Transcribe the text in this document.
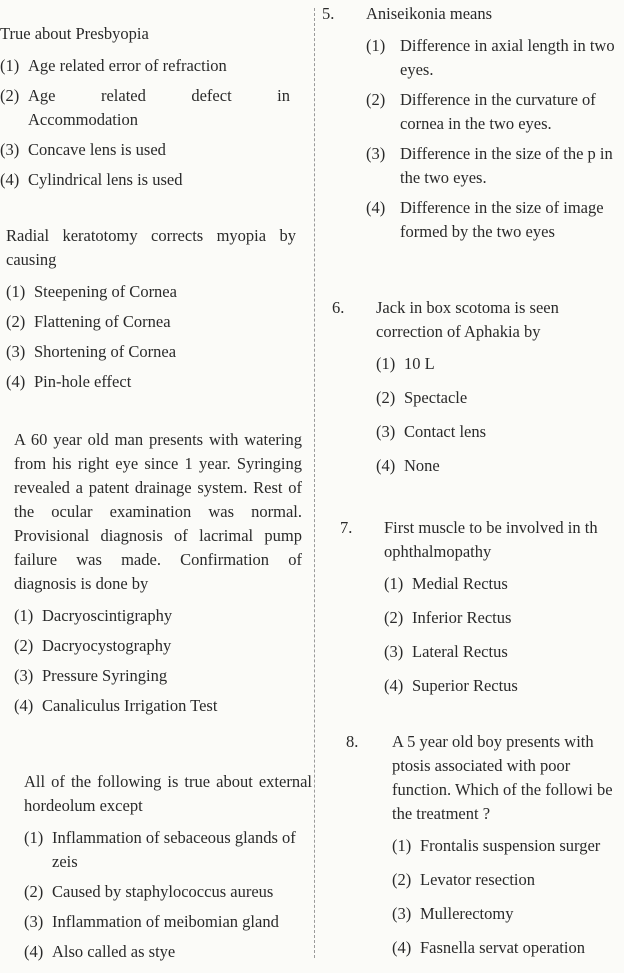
True about Presbyopia
(1) Age related error of refraction
(2) Age related defect in Accommodation
(3) Concave lens is used
(4) Cylindrical lens is used
Radial keratotomy corrects myopia by causing
(1) Steepening of Cornea
(2) Flattening of Cornea
(3) Shortening of Cornea
(4) Pin-hole effect
A 60 year old man presents with watering from his right eye since 1 year. Syringing revealed a patent drainage system. Rest of the ocular examination was normal. Provisional diagnosis of lacrimal pump failure was made. Confirmation of diagnosis is done by
(1) Dacryoscintigraphy
(2) Dacryocystography
(3) Pressure Syringing
(4) Canaliculus Irrigation Test
All of the following is true about external hordeolum except
(1) Inflammation of sebaceous glands of zeis
(2) Caused by staphylococcus aureus
(3) Inflammation of meibomian gland
(4) Also called as stye
5. Aniseikonia means
(1) Difference in axial length in two eyes.
(2) Difference in the curvature of cornea in the two eyes.
(3) Difference in the size of the p in the two eyes.
(4) Difference in the size of image formed by the two eyes
6. Jack in box scotoma is seen correction of Aphakia by
(1) 10 L
(2) Spectacle
(3) Contact lens
(4) None
7. First muscle to be involved in th ophthalmopathy
(1) Medial Rectus
(2) Inferior Rectus
(3) Lateral Rectus
(4) Superior Rectus
8. A 5 year old boy presents with ptosis associated with poor function. Which of the followi be the treatment ?
(1) Frontalis suspension surger
(2) Levator resection
(3) Mullerectomy
(4) Fasnella servat operation
